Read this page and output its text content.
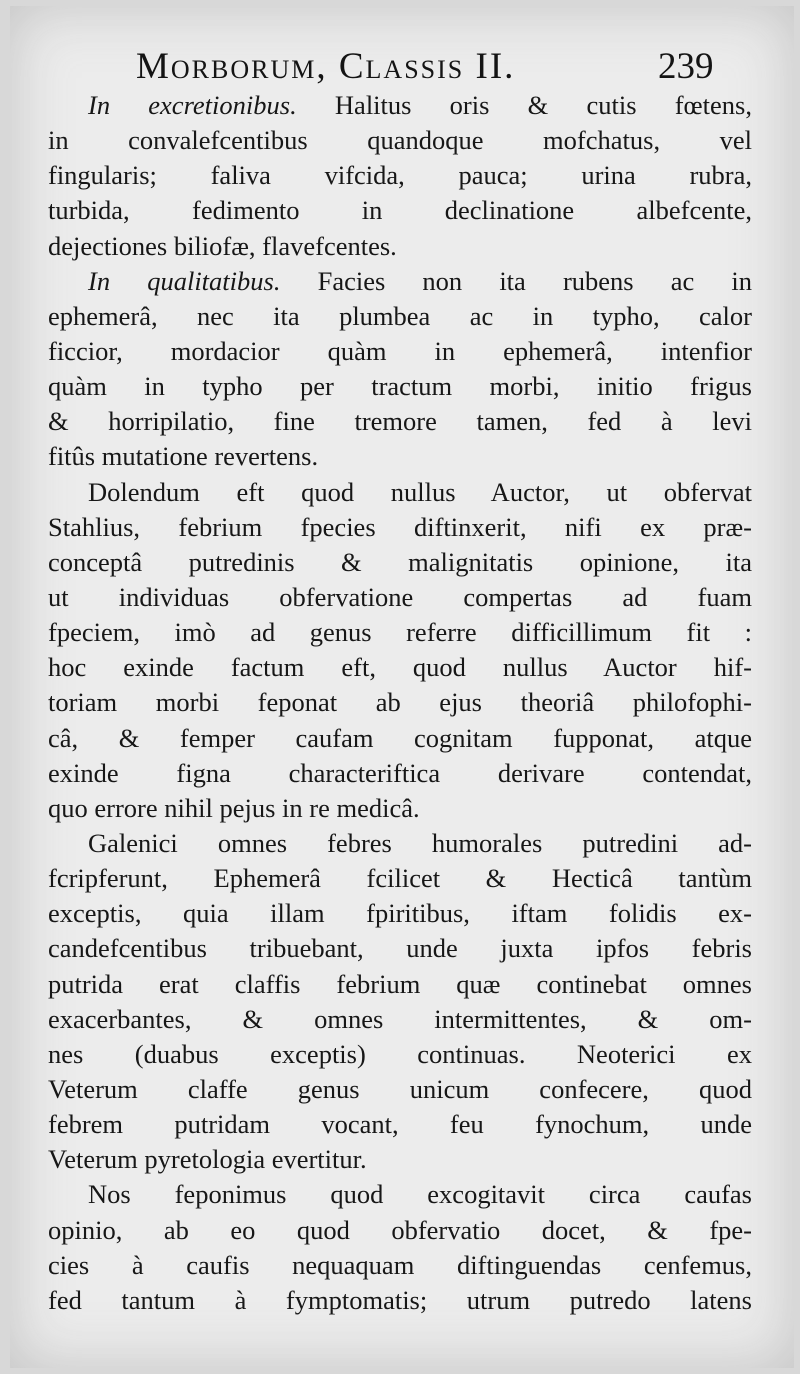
Morborum, Classis II.	239
In excretionibus. Halitus oris & cutis fœtens,
in convalefcentibus quandoque mofchatus, vel
fingularis; faliva vifcida, pauca; urina rubra,
turbida, fedimento in declinatione albefcente,
dejectiones biliofæ, flavefcentes.
In qualitatibus. Facies non ita rubens ac in
ephemerâ, nec ita plumbea ac in typho, calor
ficcior, mordacior quàm in ephemerâ, intenfior
quàm in typho per tractum morbi, initio frigus
& horripilatio, fine tremore tamen, fed à levi
fitûs mutatione revertens.
Dolendum eft quod nullus Auctor, ut obfervat
Stahlius, febrium fpecies diftinxerit, nifi ex præ-
conceptâ putredinis & malignitatis opinione, ita
ut individuas obfervatione compertas ad fuam
fpeciem, imò ad genus referre difficillimum fit :
hoc exinde factum eft, quod nullus Auctor hif-
toriam morbi feponat ab ejus theoriâ philofophi-
câ, & femper caufam cognitam fupponat, atque
exinde figna characteriftica derivare contendat,
quo errore nihil pejus in re medicâ.
Galenici omnes febres humorales putredini ad-
fcripferunt, Ephemerâ fcilicet & Hecticâ tantùm
exceptis, quia illam fpiritibus, iftam folidis ex-
candefcentibus tribuebant, unde juxta ipfos febris
putrida erat claffis febrium quæ continebat omnes
exacerbantes, & omnes intermittentes, & om-
nes (duabus exceptis) continuas. Neoterici ex
Veterum claffe genus unicum confecere, quod
febrem putridam vocant, feu fynochum, unde
Veterum pyretologia evertitur.
Nos feponimus quod excogitavit circa caufas
opinio, ab eo quod obfervatio docet, & fpe-
cies à caufis nequaquam diftinguendas cenfemus,
fed tantum à fymptomatis; utrum putredo latens
